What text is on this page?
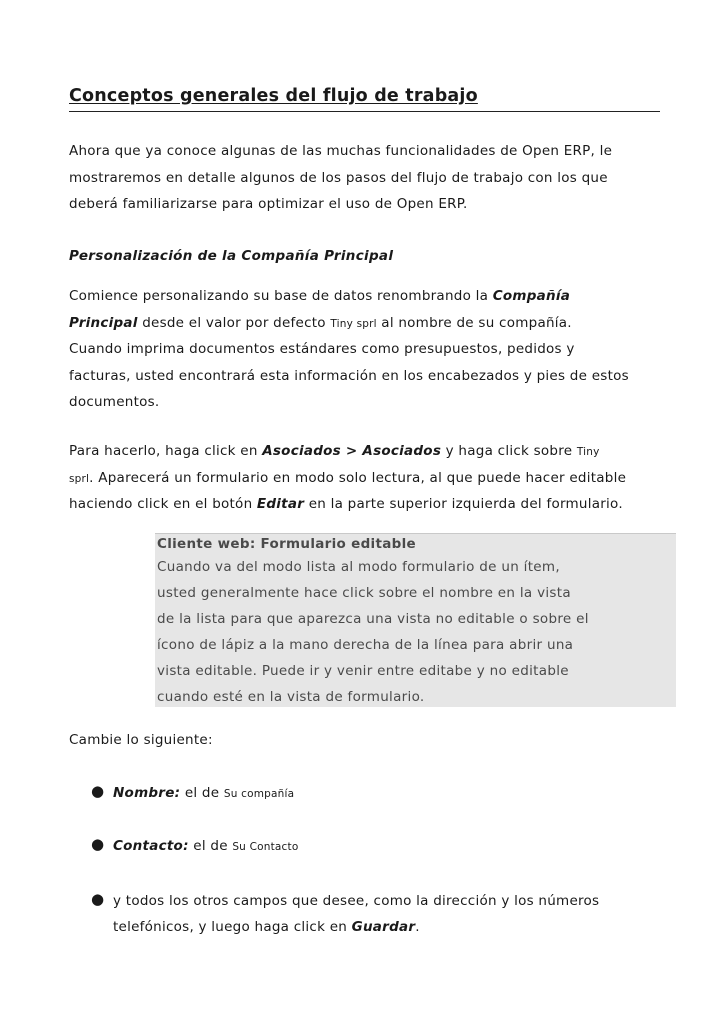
Conceptos generales del flujo de trabajo
Ahora que ya conoce algunas de las muchas funcionalidades de Open ERP, le
mostraremos en detalle algunos de los pasos del flujo de trabajo con los que
deberá familiarizarse para optimizar el uso de Open ERP.
Personalización de la Compañía Principal
Comience personalizando su base de datos renombrando la Compañía
Principal desde el valor por defecto Tiny sprl al nombre de su compañía.
Cuando imprima documentos estándares como presupuestos, pedidos y
facturas, usted encontrará esta información en los encabezados y pies de estos
documentos.
Para hacerlo, haga click en Asociados > Asociados y haga click sobre Tiny
sprl. Aparecerá un formulario en modo solo lectura, al que puede hacer editable
haciendo click en el botón Editar en la parte superior izquierda del formulario.
Cliente web: Formulario editable
Cuando va del modo lista al modo formulario de un ítem,
usted generalmente hace click sobre el nombre en la vista
de la lista para que aparezca una vista no editable o sobre el
ícono de lápiz a la mano derecha de la línea para abrir una
vista editable. Puede ir y venir entre editabe y no editable
cuando esté en la vista de formulario.
Cambie lo siguiente:
● Nombre: el de Su compañía
● Contacto: el de Su Contacto
● y todos los otros campos que desee, como la dirección y los números
telefónicos, y luego haga click en Guardar.
